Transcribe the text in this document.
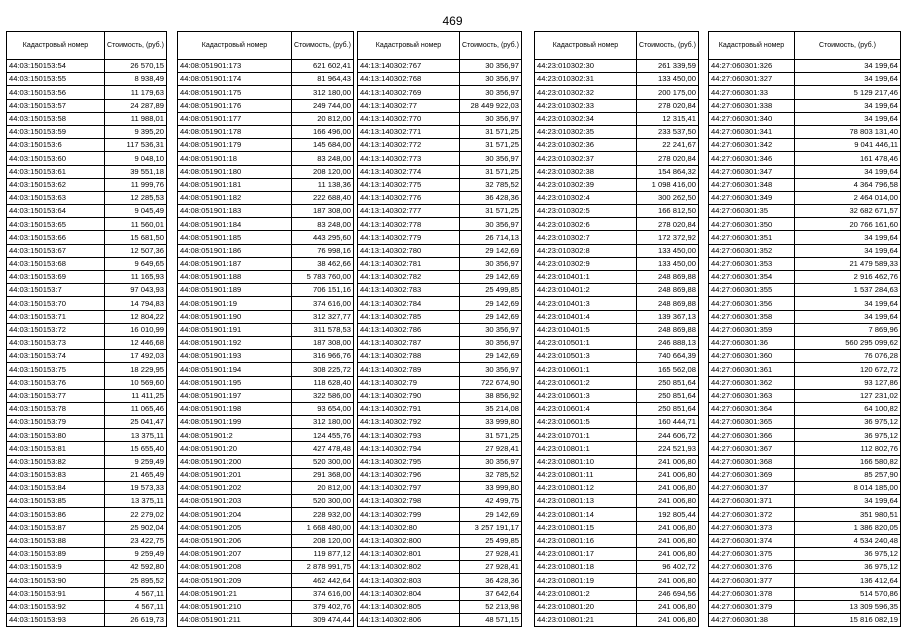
469
Кадастровый номер	Стоимость, (руб.)
44:03:150153:54	26 570,15
44:03:150153:55	8 938,49
44:03:150153:56	11 179,63
44:03:150153:57	24 287,89
44:03:150153:58	11 988,01
44:03:150153:59	9 395,20
44:03:150153:6	117 536,31
44:03:150153:60	9 048,10
44:03:150153:61	39 551,18
44:03:150153:62	11 999,76
44:03:150153:63	12 285,53
44:03:150153:64	9 045,49
44:03:150153:65	11 560,01
44:03:150153:66	15 681,50
44:03:150153:67	12 507,36
44:03:150153:68	9 649,65
44:03:150153:69	11 165,93
44:03:150153:7	97 043,93
44:03:150153:70	14 794,83
44:03:150153:71	12 804,22
44:03:150153:72	16 010,99
44:03:150153:73	12 446,68
44:03:150153:74	17 492,03
44:03:150153:75	18 229,95
44:03:150153:76	10 569,60
44:03:150153:77	11 411,25
44:03:150153:78	11 065,46
44:03:150153:79	25 041,47
44:03:150153:80	13 375,11
44:03:150153:81	15 655,40
44:03:150153:82	9 259,49
44:03:150153:83	21 465,49
44:03:150153:84	19 573,33
44:03:150153:85	13 375,11
44:03:150153:86	22 279,02
44:03:150153:87	25 902,04
44:03:150153:88	23 422,75
44:03:150153:89	9 259,49
44:03:150153:9	42 592,80
44:03:150153:90	25 895,52
44:03:150153:91	4 567,11
44:03:150153:92	4 567,11
44:03:150153:93	26 619,73
Кадастровый номер	Стоимость, (руб.)
44:08:051901:173	621 602,41
44:08:051901:174	81 964,43
44:08:051901:175	312 180,00
44:08:051901:176	249 744,00
44:08:051901:177	20 812,00
44:08:051901:178	166 496,00
44:08:051901:179	145 684,00
44:08:051901:18	83 248,00
44:08:051901:180	208 120,00
44:08:051901:181	11 138,36
44:08:051901:182	222 688,40
44:08:051901:183	187 308,00
44:08:051901:184	83 248,00
44:08:051901:185	443 295,60
44:08:051901:186	76 998,16
44:08:051901:187	38 462,66
44:08:051901:188	5 783 760,00
44:08:051901:189	706 151,16
44:08:051901:19	374 616,00
44:08:051901:190	312 327,77
44:08:051901:191	311 578,53
44:08:051901:192	187 308,00
44:08:051901:193	316 966,76
44:08:051901:194	308 225,72
44:08:051901:195	118 628,40
44:08:051901:197	322 586,00
44:08:051901:198	93 654,00
44:08:051901:199	312 180,00
44:08:051901:2	124 455,76
44:08:051901:20	427 478,48
44:08:051901:200	520 300,00
44:08:051901:201	291 368,00
44:08:051901:202	20 812,00
44:08:051901:203	520 300,00
44:08:051901:204	228 932,00
44:08:051901:205	1 668 480,00
44:08:051901:206	208 120,00
44:08:051901:207	119 877,12
44:08:051901:208	2 878 991,75
44:08:051901:209	462 442,64
44:08:051901:21	374 616,00
44:08:051901:210	379 402,76
44:08:051901:211	309 474,44
Кадастровый номер	Стоимость, (руб.)
44:13:140302:767	30 356,97
44:13:140302:768	30 356,97
44:13:140302:769	30 356,97
44:13:140302:77	28 449 922,03
44:13:140302:770	30 356,97
44:13:140302:771	31 571,25
44:13:140302:772	31 571,25
44:13:140302:773	30 356,97
44:13:140302:774	31 571,25
44:13:140302:775	32 785,52
44:13:140302:776	36 428,36
44:13:140302:777	31 571,25
44:13:140302:778	30 356,97
44:13:140302:779	26 714,13
44:13:140302:780	29 142,69
44:13:140302:781	30 356,97
44:13:140302:782	29 142,69
44:13:140302:783	25 499,85
44:13:140302:784	29 142,69
44:13:140302:785	29 142,69
44:13:140302:786	30 356,97
44:13:140302:787	30 356,97
44:13:140302:788	29 142,69
44:13:140302:789	30 356,97
44:13:140302:79	722 674,90
44:13:140302:790	38 856,92
44:13:140302:791	35 214,08
44:13:140302:792	33 999,80
44:13:140302:793	31 571,25
44:13:140302:794	27 928,41
44:13:140302:795	30 356,97
44:13:140302:796	32 785,52
44:13:140302:797	33 999,80
44:13:140302:798	42 499,75
44:13:140302:799	29 142,69
44:13:140302:80	3 257 191,17
44:13:140302:800	25 499,85
44:13:140302:801	27 928,41
44:13:140302:802	27 928,41
44:13:140302:803	36 428,36
44:13:140302:804	37 642,64
44:13:140302:805	52 213,98
44:13:140302:806	48 571,15
Кадастровый номер	Стоимость, (руб.)
44:23:010302:30	261 339,59
44:23:010302:31	133 450,00
44:23:010302:32	200 175,00
44:23:010302:33	278 020,84
44:23:010302:34	12 315,41
44:23:010302:35	233 537,50
44:23:010302:36	22 241,67
44:23:010302:37	278 020,84
44:23:010302:38	154 864,32
44:23:010302:39	1 098 416,00
44:23:010302:4	300 262,50
44:23:010302:5	166 812,50
44:23:010302:6	278 020,84
44:23:010302:7	172 372,92
44:23:010302:8	133 450,00
44:23:010302:9	133 450,00
44:23:010401:1	248 869,88
44:23:010401:2	248 869,88
44:23:010401:3	248 869,88
44:23:010401:4	139 367,13
44:23:010401:5	248 869,88
44:23:010501:1	246 888,13
44:23:010501:3	740 664,39
44:23:010601:1	165 562,08
44:23:010601:2	250 851,64
44:23:010601:3	250 851,64
44:23:010601:4	250 851,64
44:23:010601:5	160 444,71
44:23:010701:1	244 606,72
44:23:010801:1	224 521,93
44:23:010801:10	241 006,80
44:23:010801:11	241 006,80
44:23:010801:12	241 006,80
44:23:010801:13	241 006,80
44:23:010801:14	192 805,44
44:23:010801:15	241 006,80
44:23:010801:16	241 006,80
44:23:010801:17	241 006,80
44:23:010801:18	96 402,72
44:23:010801:19	241 006,80
44:23:010801:2	246 694,56
44:23:010801:20	241 006,80
44:23:010801:21	241 006,80
Кадастровый номер	Стоимость, (руб.)
44:27:060301:326	34 199,64
44:27:060301:327	34 199,64
44:27:060301:33	5 129 217,46
44:27:060301:338	34 199,64
44:27:060301:340	34 199,64
44:27:060301:341	78 803 131,40
44:27:060301:342	9 041 446,11
44:27:060301:346	161 478,46
44:27:060301:347	34 199,64
44:27:060301:348	4 364 796,58
44:27:060301:349	2 464 014,00
44:27:060301:35	32 682 671,57
44:27:060301:350	20 766 161,60
44:27:060301:351	34 199,64
44:27:060301:352	34 199,64
44:27:060301:353	21 479 589,33
44:27:060301:354	2 916 462,76
44:27:060301:355	1 537 284,63
44:27:060301:356	34 199,64
44:27:060301:358	34 199,64
44:27:060301:359	7 869,96
44:27:060301:36	560 295 099,62
44:27:060301:360	76 076,28
44:27:060301:361	120 672,72
44:27:060301:362	93 127,86
44:27:060301:363	127 231,02
44:27:060301:364	64 100,82
44:27:060301:365	36 975,12
44:27:060301:366	36 975,12
44:27:060301:367	112 802,76
44:27:060301:368	166 580,82
44:27:060301:369	85 257,90
44:27:060301:37	8 014 185,00
44:27:060301:371	34 199,64
44:27:060301:372	351 980,51
44:27:060301:373	1 386 820,05
44:27:060301:374	4 534 240,48
44:27:060301:375	36 975,12
44:27:060301:376	36 975,12
44:27:060301:377	136 412,64
44:27:060301:378	514 570,86
44:27:060301:379	13 309 596,35
44:27:060301:38	15 816 082,19
